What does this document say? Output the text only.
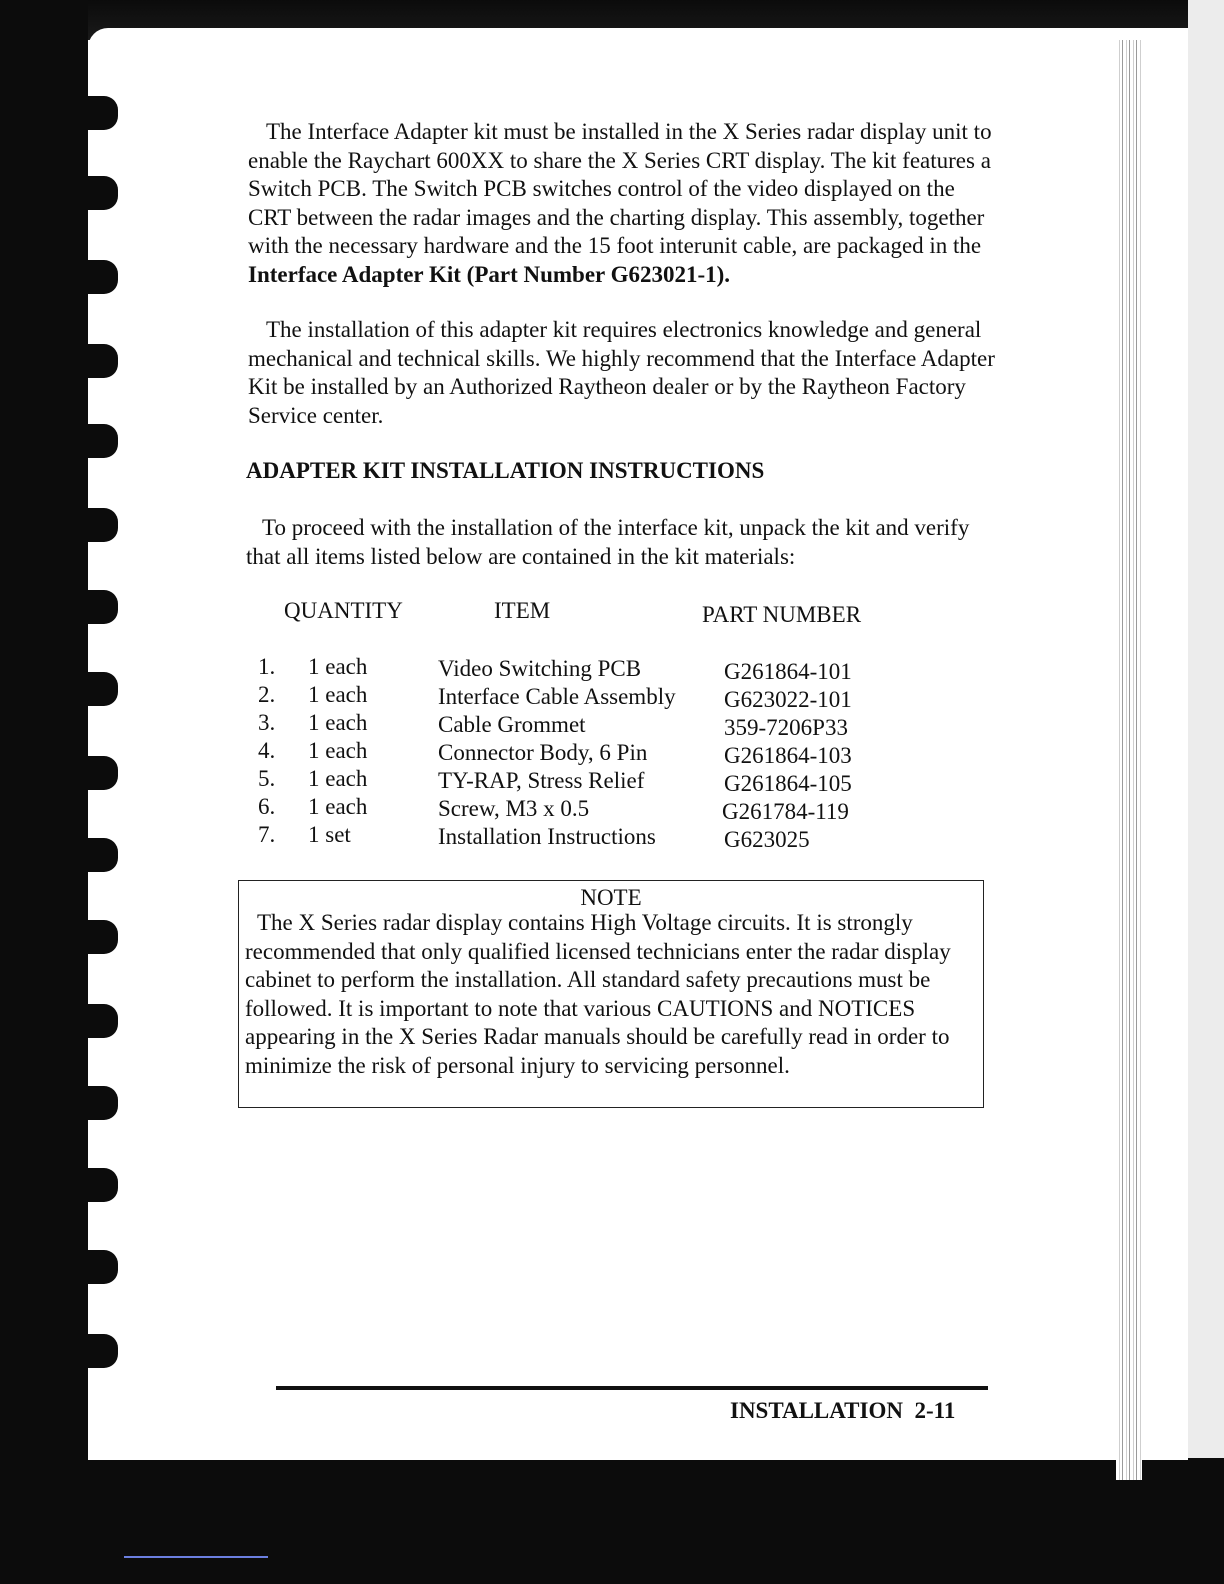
The Interface Adapter kit must be installed in the X Series radar display unit to enable the Raychart 600XX to share the X Series CRT display. The kit features a Switch PCB. The Switch PCB switches control of the video displayed on the CRT between the radar images and the charting display. This assembly, together with the necessary hardware and the 15 foot interunit cable, are packaged in the Interface Adapter Kit (Part Number G623021-1).
The installation of this adapter kit requires electronics knowledge and general mechanical and technical skills. We highly recommend that the Interface Adapter Kit be installed by an Authorized Raytheon dealer or by the Raytheon Factory Service center.
ADAPTER KIT INSTALLATION INSTRUCTIONS
To proceed with the installation of the interface kit, unpack the kit and verify that all items listed below are contained in the kit materials:
QUANTITY	ITEM	PART NUMBER
1. 1 each	Video Switching PCB	G261864-101
2. 1 each	Interface Cable Assembly G623022-101
3. 1 each	Cable Grommet	359-7206P33
4. 1 each	Connector Body, 6 Pin	G261864-103
5. 1 each	TY-RAP, Stress Relief	G261864-105
6. 1 each	Screw, M3 x 0.5	G261784-119
7. 1 set	Installation Instructions	G623025
NOTE
The X Series radar display contains High Voltage circuits. It is strongly recommended that only qualified licensed technicians enter the radar display cabinet to perform the installation. All standard safety precautions must be followed. It is important to note that various CAUTIONS and NOTICES appearing in the X Series Radar manuals should be carefully read in order to minimize the risk of personal injury to servicing personnel.
INSTALLATION 2-11
